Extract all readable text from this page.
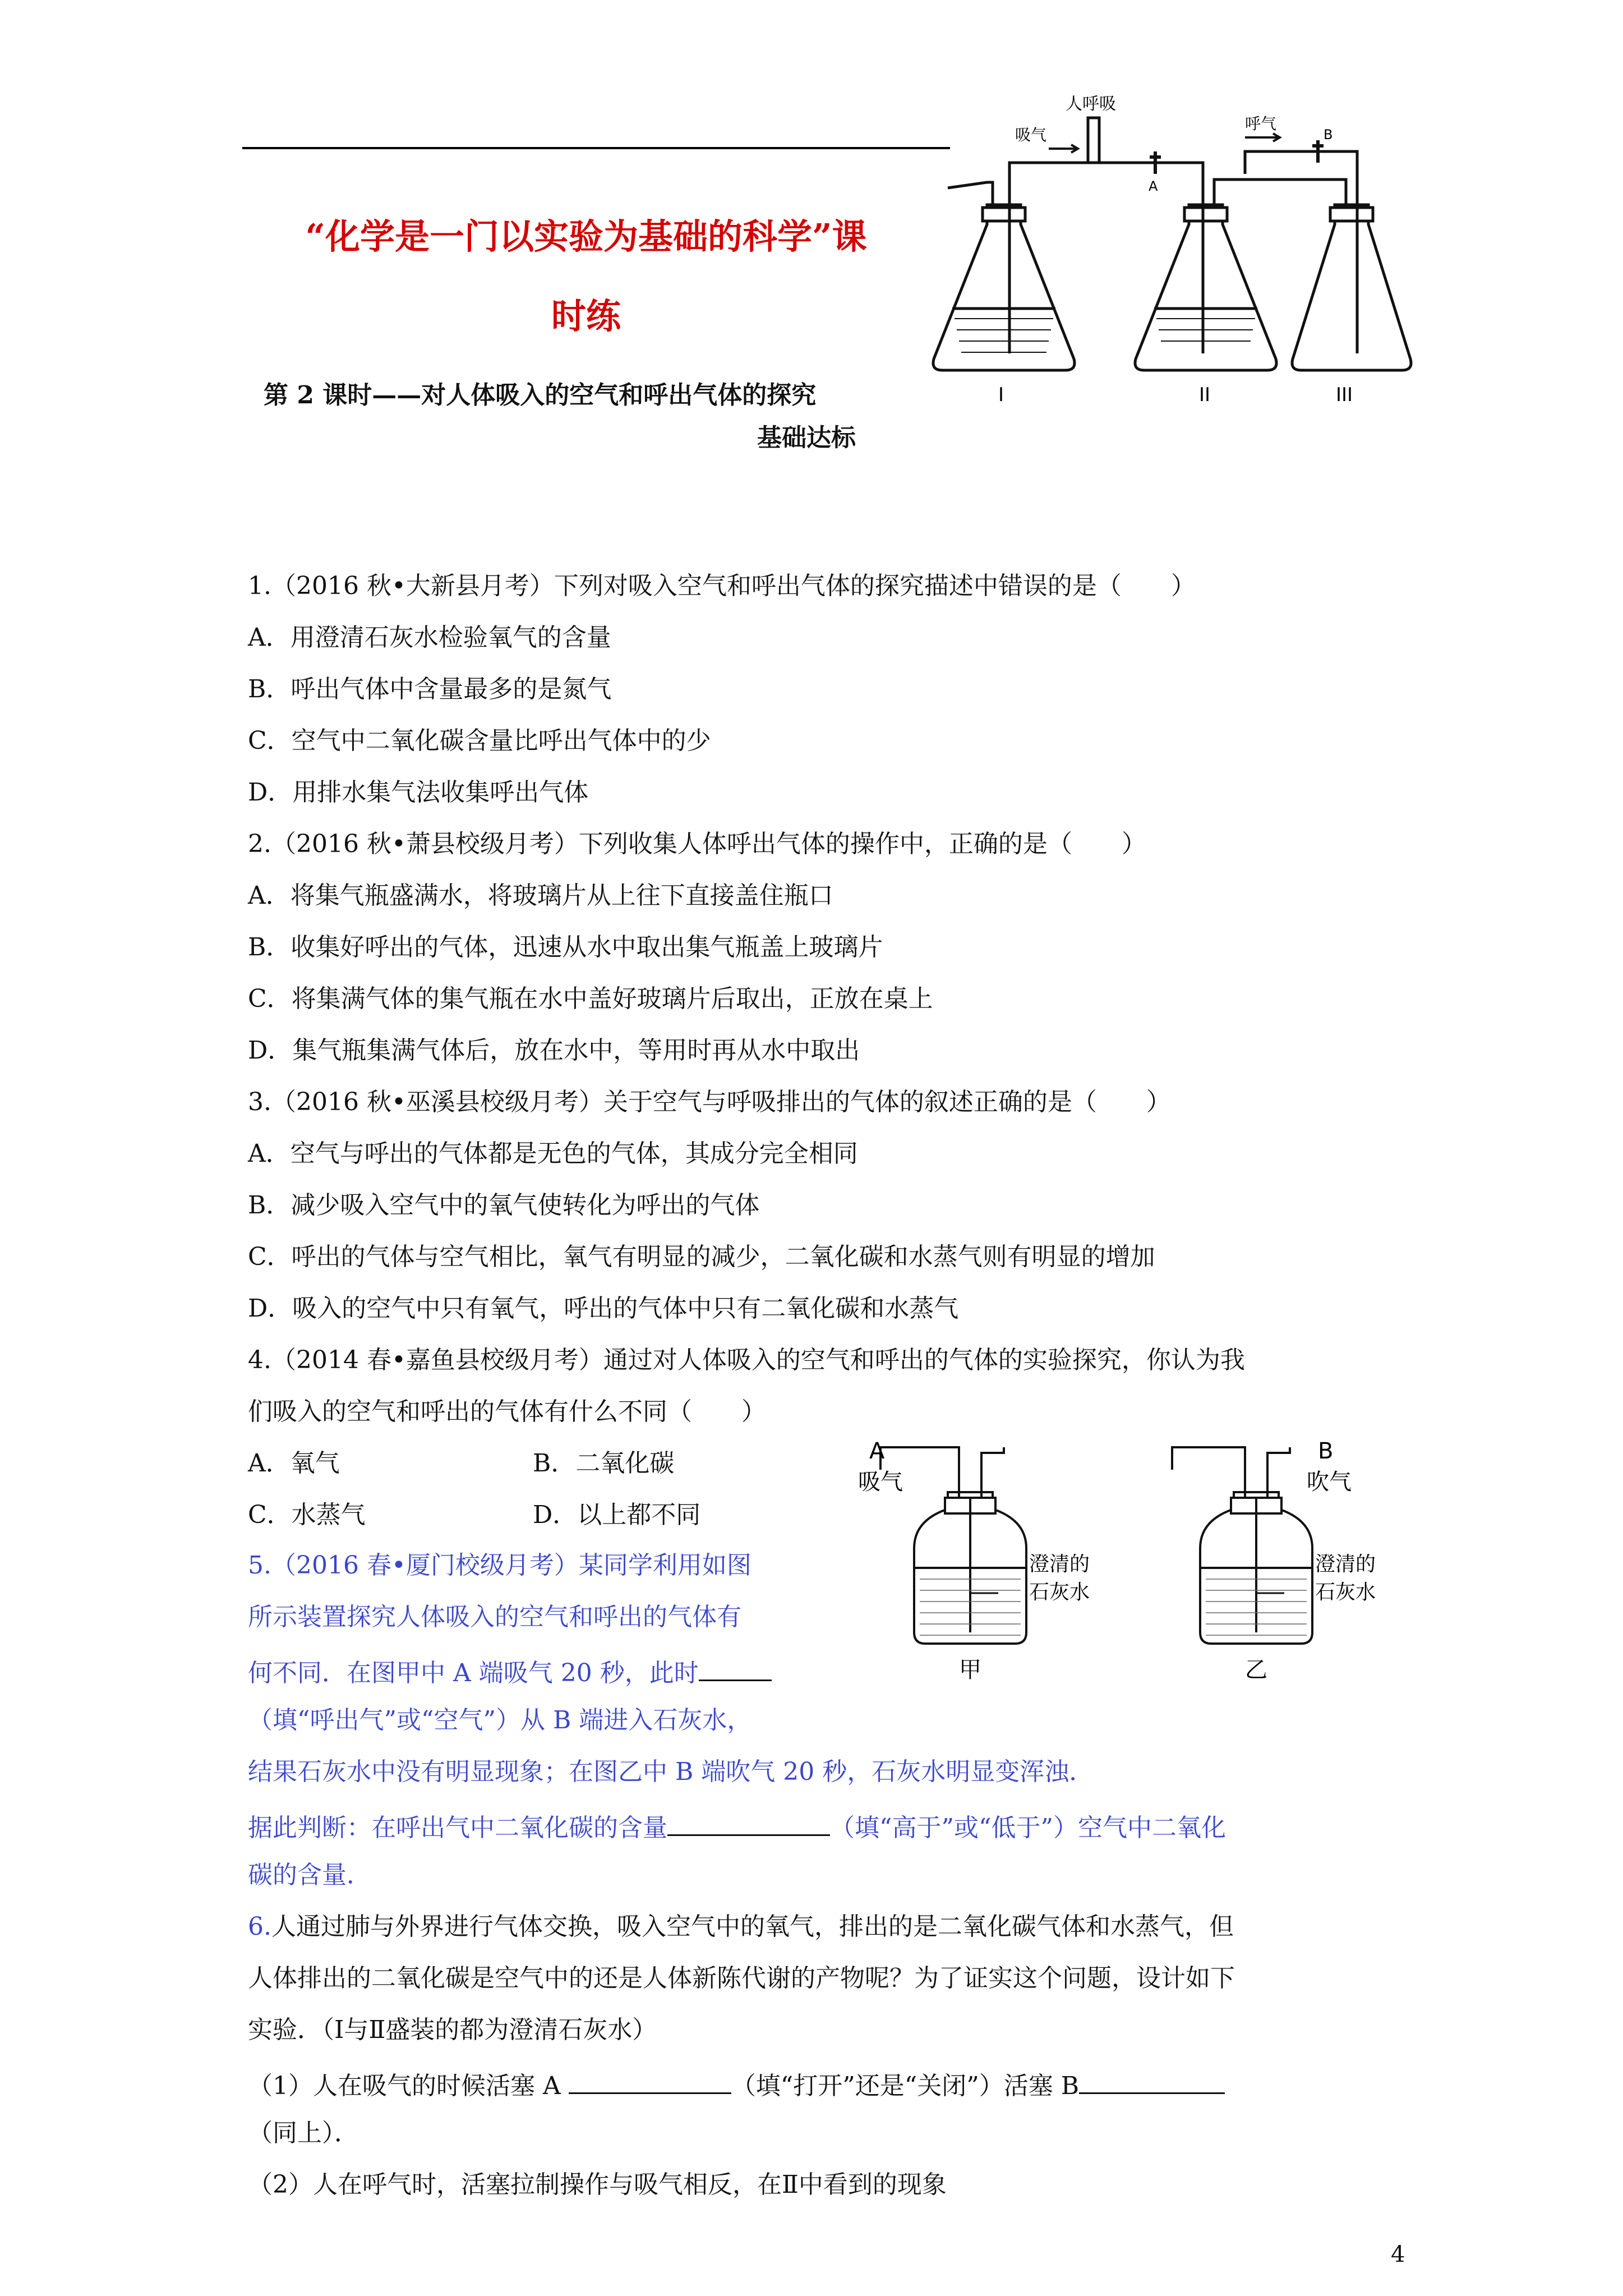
“化学是一门以实验为基础的科学”课
时练
第 2 课时——对人体吸入的空气和呼出气体的探究
基础达标
人呼吸
吸气
呼气
A
B
I	II	III
1.（2016 秋•大新县月考）下列对吸入空气和呼出气体的探究描述中错误的是（　　）
A．用澄清石灰水检验氧气的含量
B．呼出气体中含量最多的是氮气
C．空气中二氧化碳含量比呼出气体中的少
D．用排水集气法收集呼出气体
2.（2016 秋•萧县校级月考）下列收集人体呼出气体的操作中，正确的是（　　）
A．将集气瓶盛满水，将玻璃片从上往下直接盖住瓶口
B．收集好呼出的气体，迅速从水中取出集气瓶盖上玻璃片
C．将集满气体的集气瓶在水中盖好玻璃片后取出，正放在桌上
D．集气瓶集满气体后，放在水中，等用时再从水中取出
3.（2016 秋•巫溪县校级月考）关于空气与呼吸排出的气体的叙述正确的是（　　）
A．空气与呼出的气体都是无色的气体，其成分完全相同
B．减少吸入空气中的氧气使转化为呼出的气体
C．呼出的气体与空气相比，氧气有明显的减少，二氧化碳和水蒸气则有明显的增加
D．吸入的空气中只有氧气，呼出的气体中只有二氧化碳和水蒸气
4.（2014 春•嘉鱼县校级月考）通过对人体吸入的空气和呼出的气体的实验探究，你认为我
们吸入的空气和呼出的气体有什么不同（　　）
A．氧气	B．二氧化碳
C．水蒸气	D．以上都不同
A
吸气
B
吹气
澄清的
石灰水
澄清的
石灰水
甲	乙
5.（2016 春•厦门校级月考）某同学利用如图
所示装置探究人体吸入的空气和呼出的气体有
何不同．在图甲中 A 端吸气 20 秒，此时
（填“呼出气”或“空气”）从 B 端进入石灰水，
结果石灰水中没有明显现象；在图乙中 B 端吹气 20 秒，石灰水明显变浑浊．
据此判断：在呼出气中二氧化碳的含量	（填“高于”或“低于”）空气中二氧化
碳的含量．
6.人通过肺与外界进行气体交换，吸入空气中的氧气，排出的是二氧化碳气体和水蒸气，但
人体排出的二氧化碳是空气中的还是人体新陈代谢的产物呢？为了证实这个问题，设计如下
实验．（Ⅰ与Ⅱ盛装的都为澄清石灰水）
（1）人在吸气的时候活塞 A	（填“打开”还是“关闭”）活塞 B
（同上）．
（2）人在呼气时，活塞拉制操作与吸气相反，在Ⅱ中看到的现象
4
